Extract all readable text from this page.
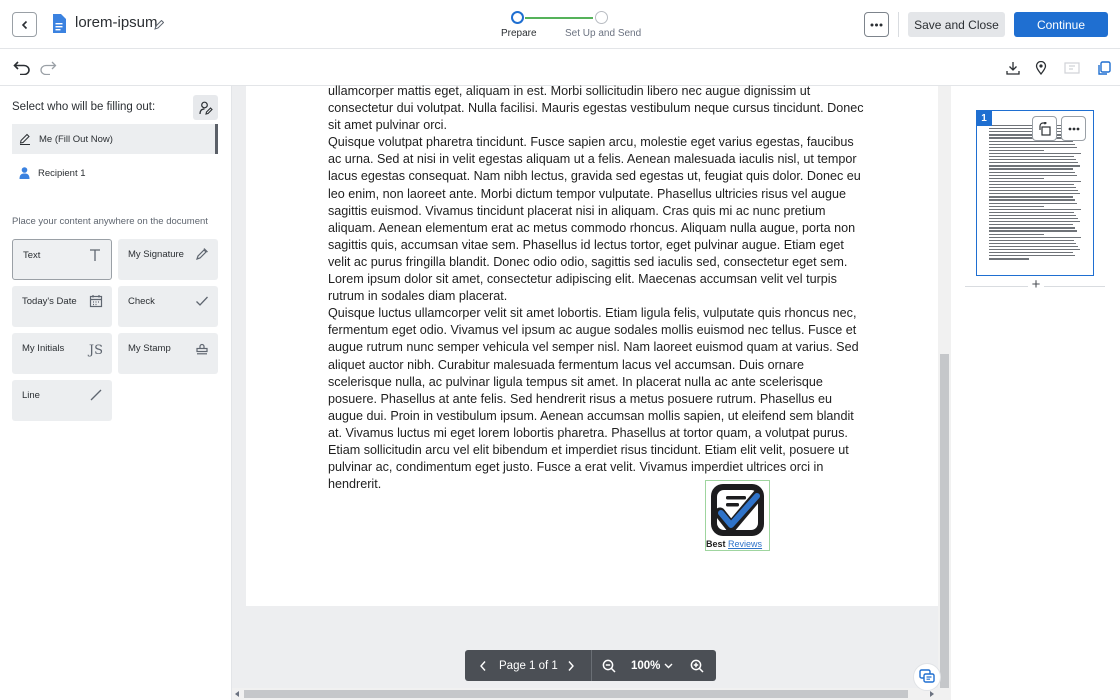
lorem-ipsum
Prepare	Set Up and Send
Save and Close	Continue
Select who will be filling out:
Me (Fill Out Now)
Recipient 1
Place your content anywhere on the document
Text	My Signature
Today's Date	Check
My Initials JS	My Stamp
Line
ullamcorper mattis eget, aliquam in est. Morbi sollicitudin libero nec augue dignissim ut consectetur dui volutpat. Nulla facilisi. Mauris egestas vestibulum neque cursus tincidunt. Donec sit amet pulvinar orci.
Quisque volutpat pharetra tincidunt. Fusce sapien arcu, molestie eget varius egestas, faucibus ac urna. Sed at nisi in velit egestas aliquam ut a felis. Aenean malesuada iaculis nisl, ut tempor lacus egestas consequat. Nam nibh lectus, gravida sed egestas ut, feugiat quis dolor. Donec eu leo enim, non laoreet ante. Morbi dictum tempor vulputate. Phasellus ultricies risus vel augue sagittis euismod. Vivamus tincidunt placerat nisi in aliquam. Cras quis mi ac nunc pretium aliquam. Aenean elementum erat ac metus commodo rhoncus. Aliquam nulla augue, porta non sagittis quis, accumsan vitae sem. Phasellus id lectus tortor, eget pulvinar augue. Etiam eget velit ac purus fringilla blandit. Donec odio odio, sagittis sed iaculis sed, consectetur eget sem. Lorem ipsum dolor sit amet, consectetur adipiscing elit. Maecenas accumsan velit vel turpis rutrum in sodales diam placerat.
Quisque luctus ullamcorper velit sit amet lobortis. Etiam ligula felis, vulputate quis rhoncus nec, fermentum eget odio. Vivamus vel ipsum ac augue sodales mollis euismod nec tellus. Fusce et augue rutrum nunc semper vehicula vel semper nisl. Nam laoreet euismod quam at varius. Sed aliquet auctor nibh. Curabitur malesuada fermentum lacus vel accumsan. Duis ornare scelerisque nulla, ac pulvinar ligula tempus sit amet. In placerat nulla ac ante scelerisque posuere. Phasellus at ante felis. Sed hendrerit risus a metus posuere rutrum. Phasellus eu augue dui. Proin in vestibulum ipsum. Aenean accumsan mollis sapien, ut eleifend sem blandit at. Vivamus luctus mi eget lorem lobortis pharetra. Phasellus at tortor quam, a volutpat purus. Etiam sollicitudin arcu vel elit bibendum et imperdiet risus tincidunt. Etiam elit velit, posuere ut pulvinar ac, condimentum eget justo. Fusce a erat velit. Vivamus imperdiet ultrices orci in hendrerit.
Best Reviews
Page 1 of 1	100%
1
+
